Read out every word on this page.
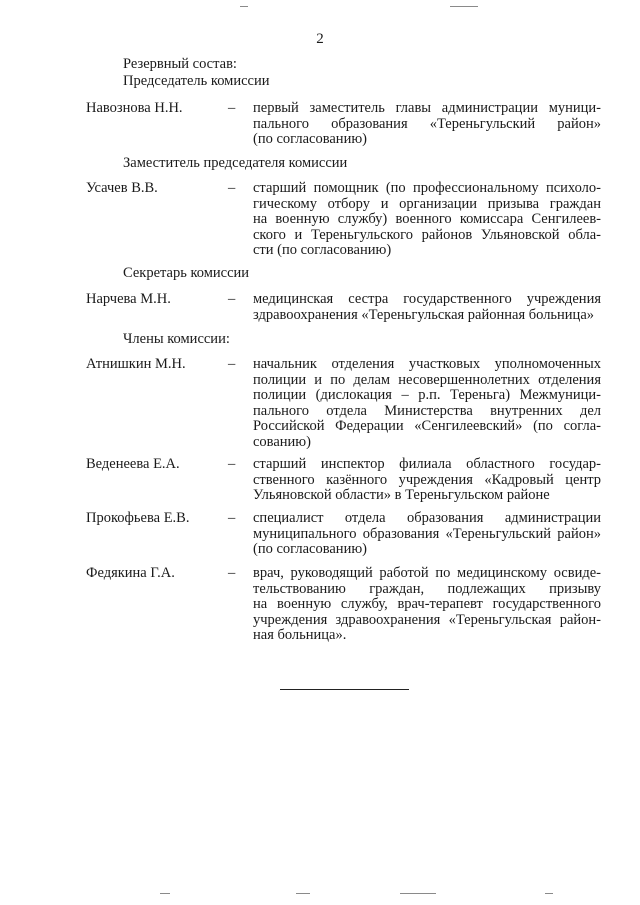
2
Резервный состав:
Председатель комиссии
Навознова Н.Н.	– первый заместитель главы администрации муници-
пального образования «Тереньгульский район»
(по согласованию)
Заместитель председателя комиссии
Усачев В.В.	– старший помощник (по профессиональному психоло-
гическому отбору и организации призыва граждан
на военную службу) военного комиссара Сенгилеев-
ского и Тереньгульского районов Ульяновской обла-
сти (по согласованию)
Секретарь комиссии
Нарчева М.Н.	– медицинская сестра государственного учреждения
здравоохранения «Тереньгульская районная больница»
Члены комиссии:
Атнишкин М.Н.	– начальник отделения участковых уполномоченных
полиции и по делам несовершеннолетних отделения
полиции (дислокация – р.п. Тереньга) Межмуници-
пального отдела Министерства внутренних дел
Российской Федерации «Сенгилеевский» (по согла-
сованию)
Веденеева Е.А.	– старший инспектор филиала областного государ-
ственного казённого учреждения «Кадровый центр
Ульяновской области» в Тереньгульском районе
Прокофьева Е.В.	– специалист отдела образования администрации
муниципального образования «Тереньгульский район»
(по согласованию)
Федякина Г.А.	– врач, руководящий работой по медицинскому освиде-
тельствованию граждан, подлежащих призыву
на военную службу, врач-терапевт государственного
учреждения здравоохранения «Тереньгульская район-
ная больница».
